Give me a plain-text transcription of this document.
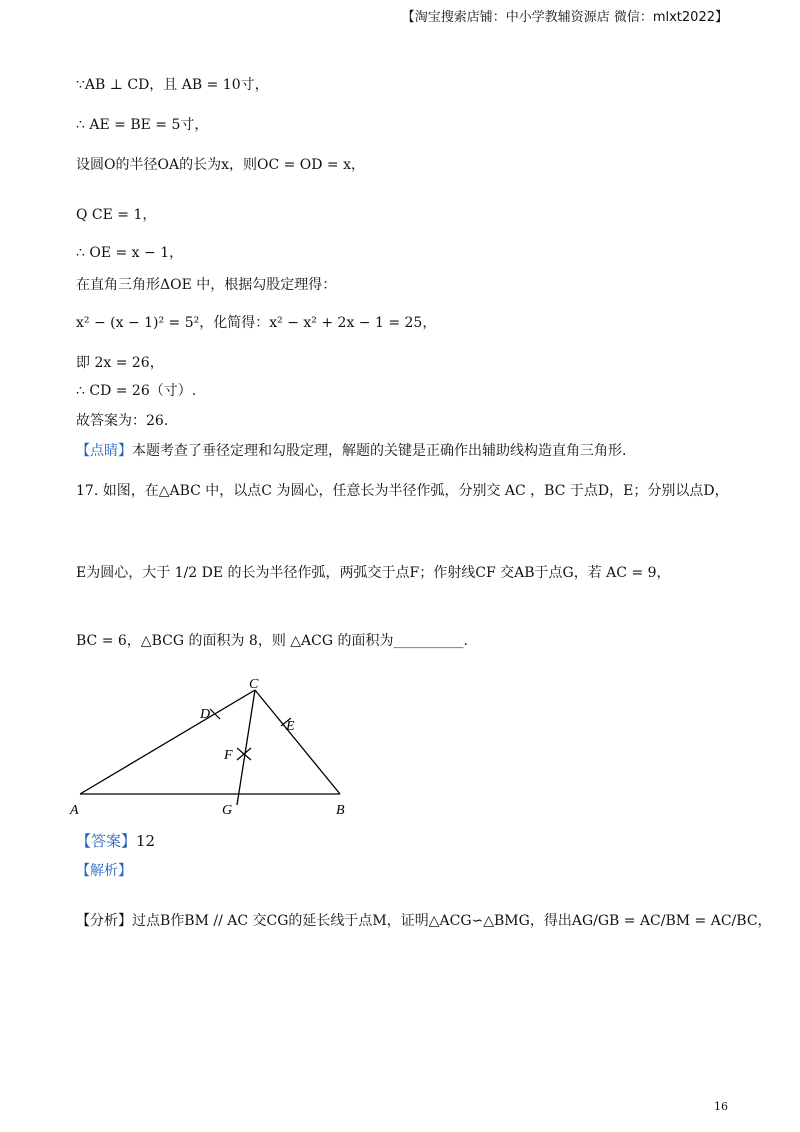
【淘宝搜索店铺：中小学教辅资源店 微信：mlxt2022】
∵AB ⊥ CD，且 AB = 10寸，
∴ AE = BE = 5寸，
设圆O的半径OA的长为x，则OC = OD = x，
Q CE = 1，
∴ OE = x − 1，
在直角三角形ΔOE 中，根据勾股定理得：
x² − (x − 1)² = 5²，化简得：x² − x² + 2x − 1 = 25，
即 2x = 26，
∴ CD = 26（寸）.
故答案为：26.
【点睛】本题考查了垂径定理和勾股定理，解题的关键是正确作出辅助线构造直角三角形.
17. 如图，在△ABC 中，以点C 为圆心，任意长为半径作弧，分别交 AC ，BC 于点D，E；分别以点D，
E为圆心，大于 1/2 DE 的长为半径作弧，两弧交于点F；作射线CF 交AB于点G，若 AC = 9，
BC = 6，△BCG 的面积为 8，则 △ACG 的面积为__________.
A	B
C
D
E
F
G
【答案】12
【解析】
【分析】过点B作BM // AC 交CG的延长线于点M，证明△ACG∽△BMG，得出AG/GB = AC/BM = AC/BC，
16
